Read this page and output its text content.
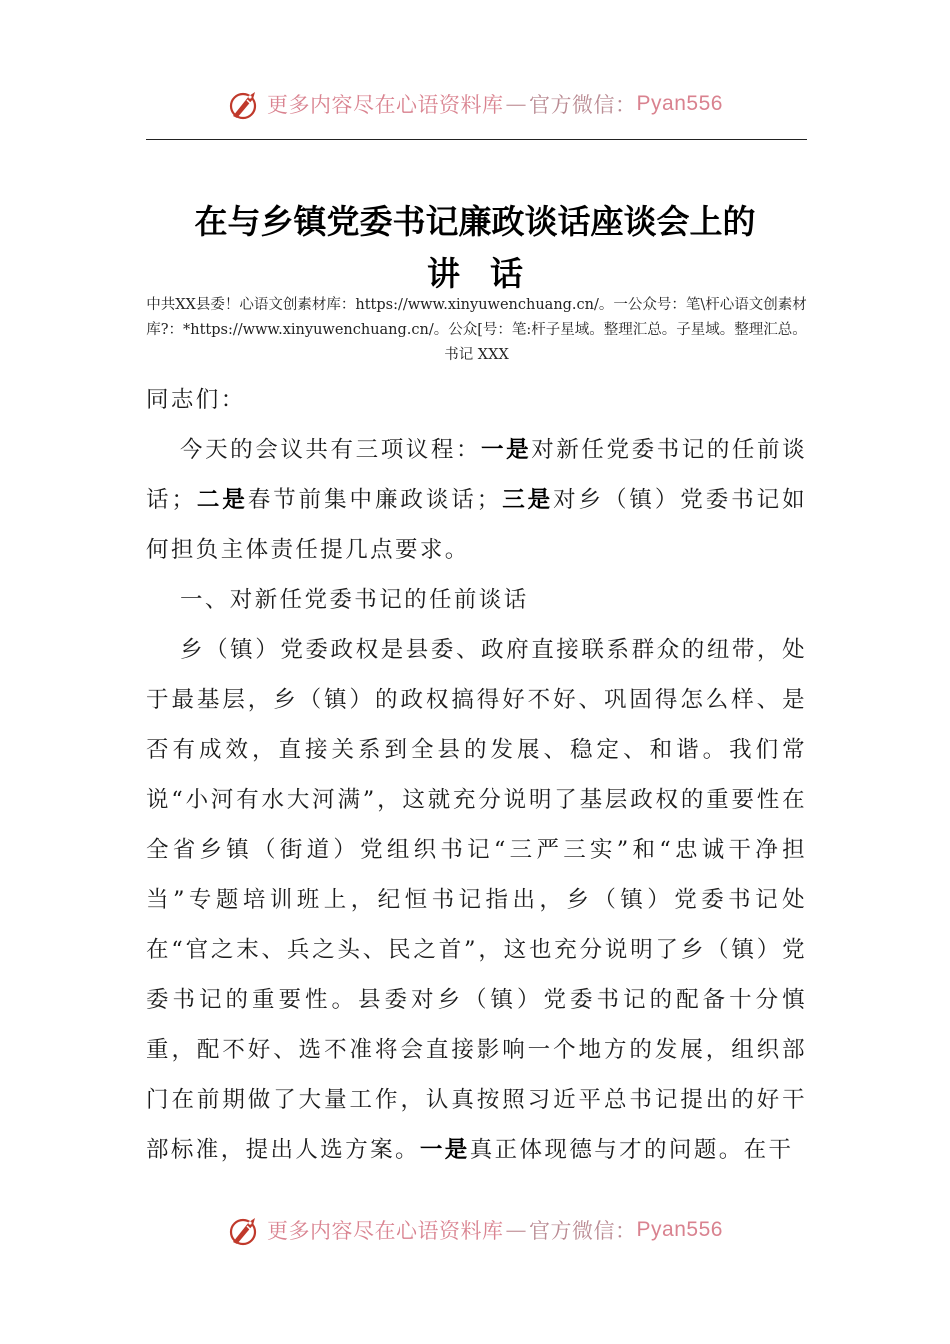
更多内容尽在心语资料库 — 官方微信： Pyan556
在与乡镇党委书记廉政谈话座谈会上的
讲话

中共XX县委！心语文创素材库：https://www.xinyuwenchuang.cn/。一公众号：笔\杆心语文创素材库?：*https://www.xinyuwenchuang.cn/。公众[号：笔:杆子星域。整理汇总。子星域。整理汇总。书记 XXX

同志们：

今天的会议共有三项议程：一是对新任党委书记的任前谈话；二是春节前集中廉政谈话；三是对乡（镇）党委书记如何担负主体责任提几点要求。

一、对新任党委书记的任前谈话

乡（镇）党委政权是县委、政府直接联系群众的纽带，处于最基层，乡（镇）的政权搞得好不好、巩固得怎么样、是否有成效，直接关系到全县的发展、稳定、和谐。我们常说“小河有水大河满”，这就充分说明了基层政权的重要性在全省乡镇（街道）党组织书记“三严三实”和“忠诚干净担当”专题培训班上，纪恒书记指出，乡（镇）党委书记处在“官之末、兵之头、民之首”，这也充分说明了乡（镇）党委书记的重要性。县委对乡（镇）党委书记的配备十分慎重，配不好、选不准将会直接影响一个地方的发展，组织部门在前期做了大量工作，认真按照习近平总书记提出的好干部标准，提出人选方案。一是真正体现德与才的问题。在干

更多内容尽在心语资料库 — 官方微信： Pyan556
